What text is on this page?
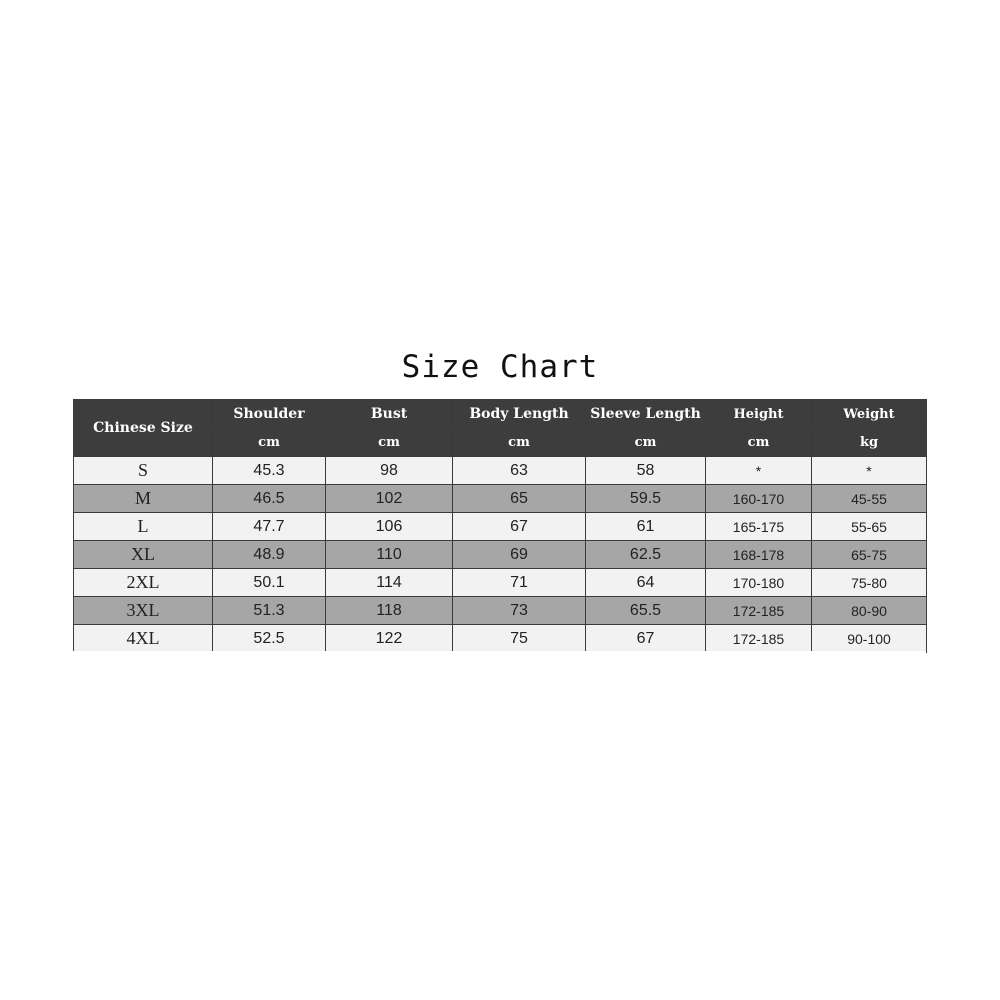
Size Chart
Chinese Size	Shoulder	Bust	Body Length	Sleeve Length	Height	Weight
	cm	cm	cm	cm	cm	kg
S	45.3	98	63	58	*	*
M	46.5	102	65	59.5	160-170	45-55
L	47.7	106	67	61	165-175	55-65
XL	48.9	110	69	62.5	168-178	65-75
2XL	50.1	114	71	64	170-180	75-80
3XL	51.3	118	73	65.5	172-185	80-90
4XL	52.5	122	75	67	172-185	90-100
